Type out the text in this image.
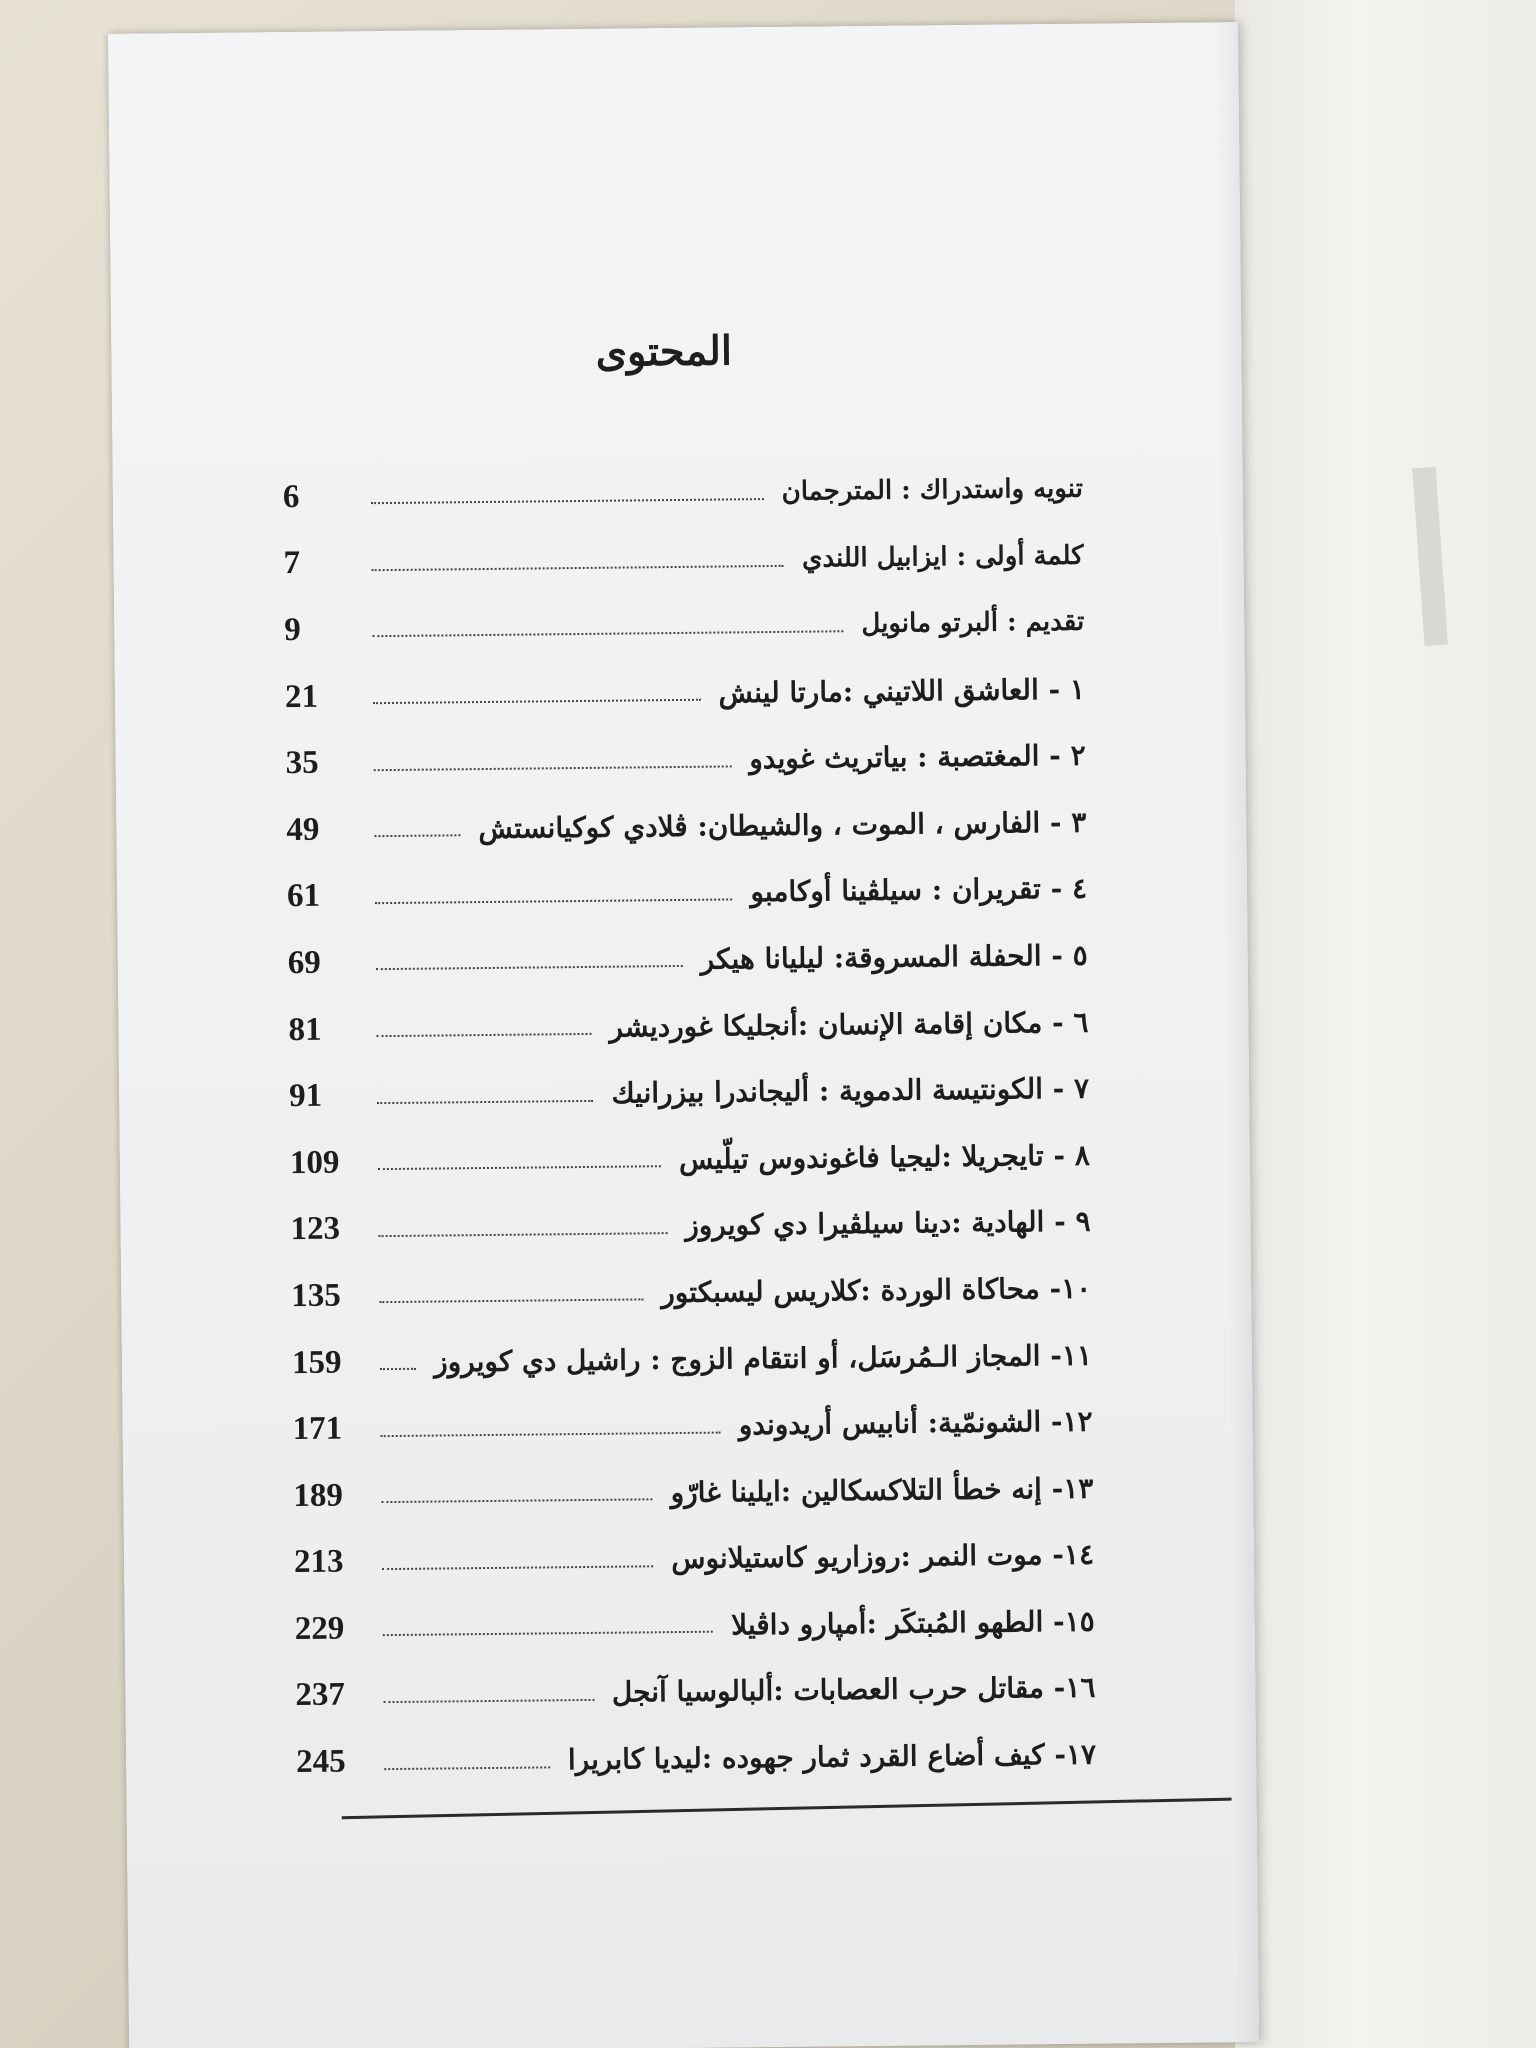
┃
المحتوى
تنويه واستدراك : المترجمان
6
كلمة أولى : ايزابيل اللندي
7
تقديم : ألبرتو مانويل
9
١ - العاشق اللاتيني :مارتا لينش
21
٢ - المغتصبة : بياتريث غويدو
35
٣ - الفارس ، الموت ، والشيطان: ڤلادي كوكيانستش
49
٤ - تقريران : سيلڤينا أوكامبو
61
٥ - الحفلة المسروقة: ليليانا هيكر
69
٦ - مكان إقامة الإنسان :أنجليكا غورديشر
81
٧ - الكونتيسة الدموية : أليجاندرا بيزرانيك
91
٨ - تايجريلا :ليجيا فاغوندوس تيلّيس
109
٩ - الهادية :دينا سيلڤيرا دي كويروز
123
١٠- محاكاة الوردة :كلاريس ليسبكتور
135
١١- المجاز الـمُرسَل، أو انتقام الزوج : راشيل دي كويروز
159
١٢- الشونمّية: أنابيس أريدوندو
171
١٣- إنه خطأ التلاكسكالين :ايلينا غارّو
189
١٤- موت النمر :روزاريو كاستيلانوس
213
١٥- الطهو المُبتكَر :أمپارو داڤيلا
229
١٦- مقاتل حرب العصابات :ألبالوسيا آنجل
237
١٧- كيف أضاع القرد ثمار جهوده :ليديا كابريرا
245
